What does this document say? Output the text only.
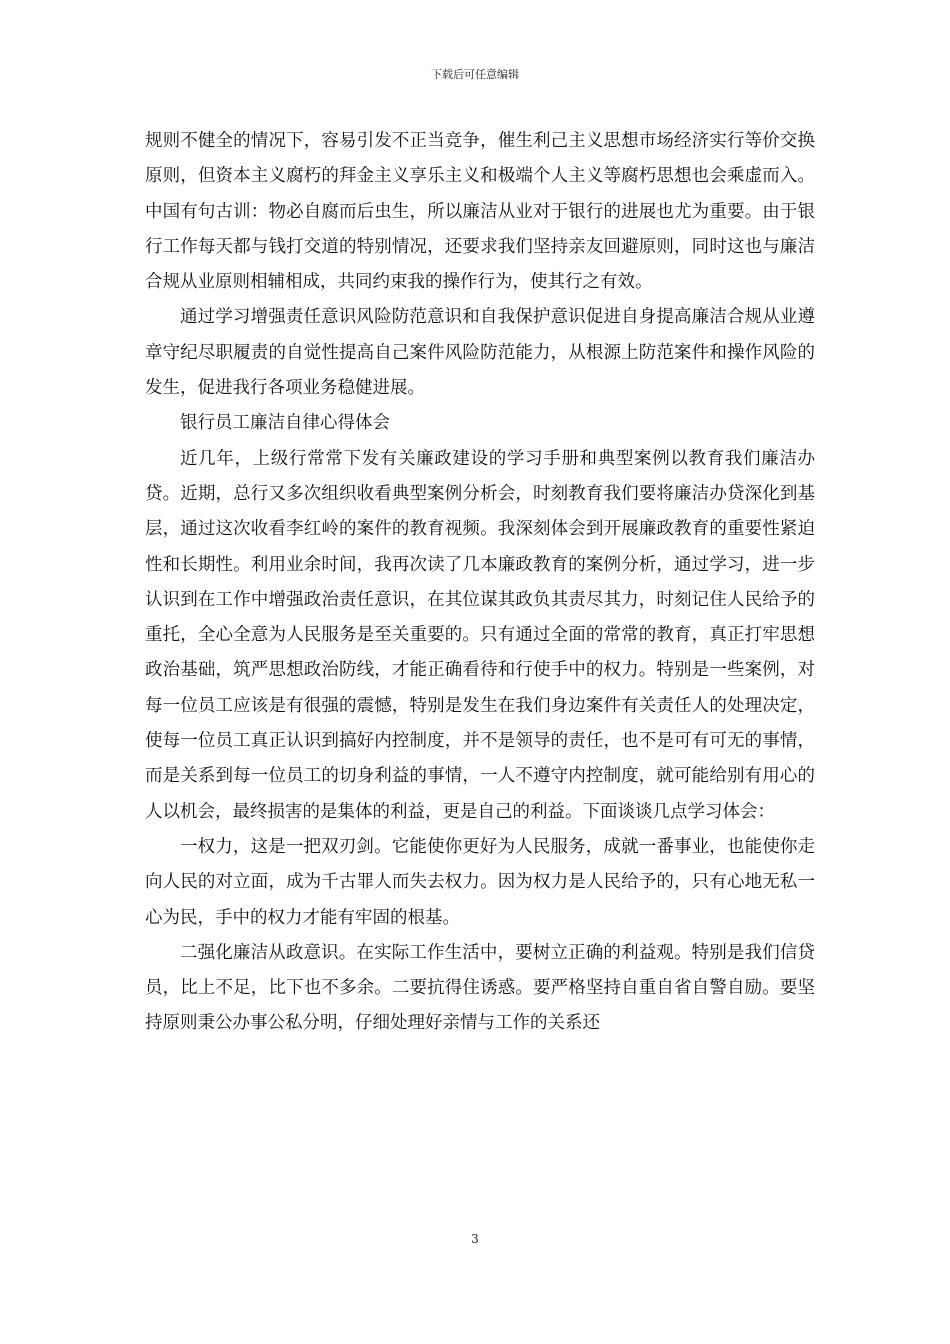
下载后可任意编辑

规则不健全的情况下，容易引发不正当竞争，催生利己主义思想市场经济实行等价交换原则，但资本主义腐朽的拜金主义享乐主义和极端个人主义等腐朽思想也会乘虚而入。中国有句古训：物必自腐而后虫生，所以廉洁从业对于银行的进展也尤为重要。由于银行工作每天都与钱打交道的特别情况，还要求我们坚持亲友回避原则，同时这也与廉洁合规从业原则相辅相成，共同约束我的操作行为，使其行之有效。

通过学习增强责任意识风险防范意识和自我保护意识促进自身提高廉洁合规从业遵章守纪尽职履责的自觉性提高自己案件风险防范能力，从根源上防范案件和操作风险的发生，促进我行各项业务稳健进展。

银行员工廉洁自律心得体会

近几年，上级行常常下发有关廉政建设的学习手册和典型案例以教育我们廉洁办贷。近期，总行又多次组织收看典型案例分析会，时刻教育我们要将廉洁办贷深化到基层，通过这次收看李红岭的案件的教育视频。我深刻体会到开展廉政教育的重要性紧迫性和长期性。利用业余时间，我再次读了几本廉政教育的案例分析，通过学习，进一步认识到在工作中增强政治责任意识，在其位谋其政负其责尽其力，时刻记住人民给予的重托，全心全意为人民服务是至关重要的。只有通过全面的常常的教育，真正打牢思想政治基础，筑严思想政治防线，才能正确看待和行使手中的权力。特别是一些案例，对每一位员工应该是有很强的震憾，特别是发生在我们身边案件有关责任人的处理决定，使每一位员工真正认识到搞好内控制度，并不是领导的责任，也不是可有可无的事情，而是关系到每一位员工的切身利益的事情，一人不遵守内控制度，就可能给别有用心的人以机会，最终损害的是集体的利益，更是自己的利益。下面谈谈几点学习体会：

一权力，这是一把双刃剑。它能使你更好为人民服务，成就一番事业，也能使你走向人民的对立面，成为千古罪人而失去权力。因为权力是人民给予的，只有心地无私一心为民，手中的权力才能有牢固的根基。

二强化廉洁从政意识。在实际工作生活中，要树立正确的利益观。特别是我们信贷员，比上不足，比下也不多余。二要抗得住诱惑。要严格坚持自重自省自警自励。要坚持原则秉公办事公私分明，仔细处理好亲情与工作的关系还

3
